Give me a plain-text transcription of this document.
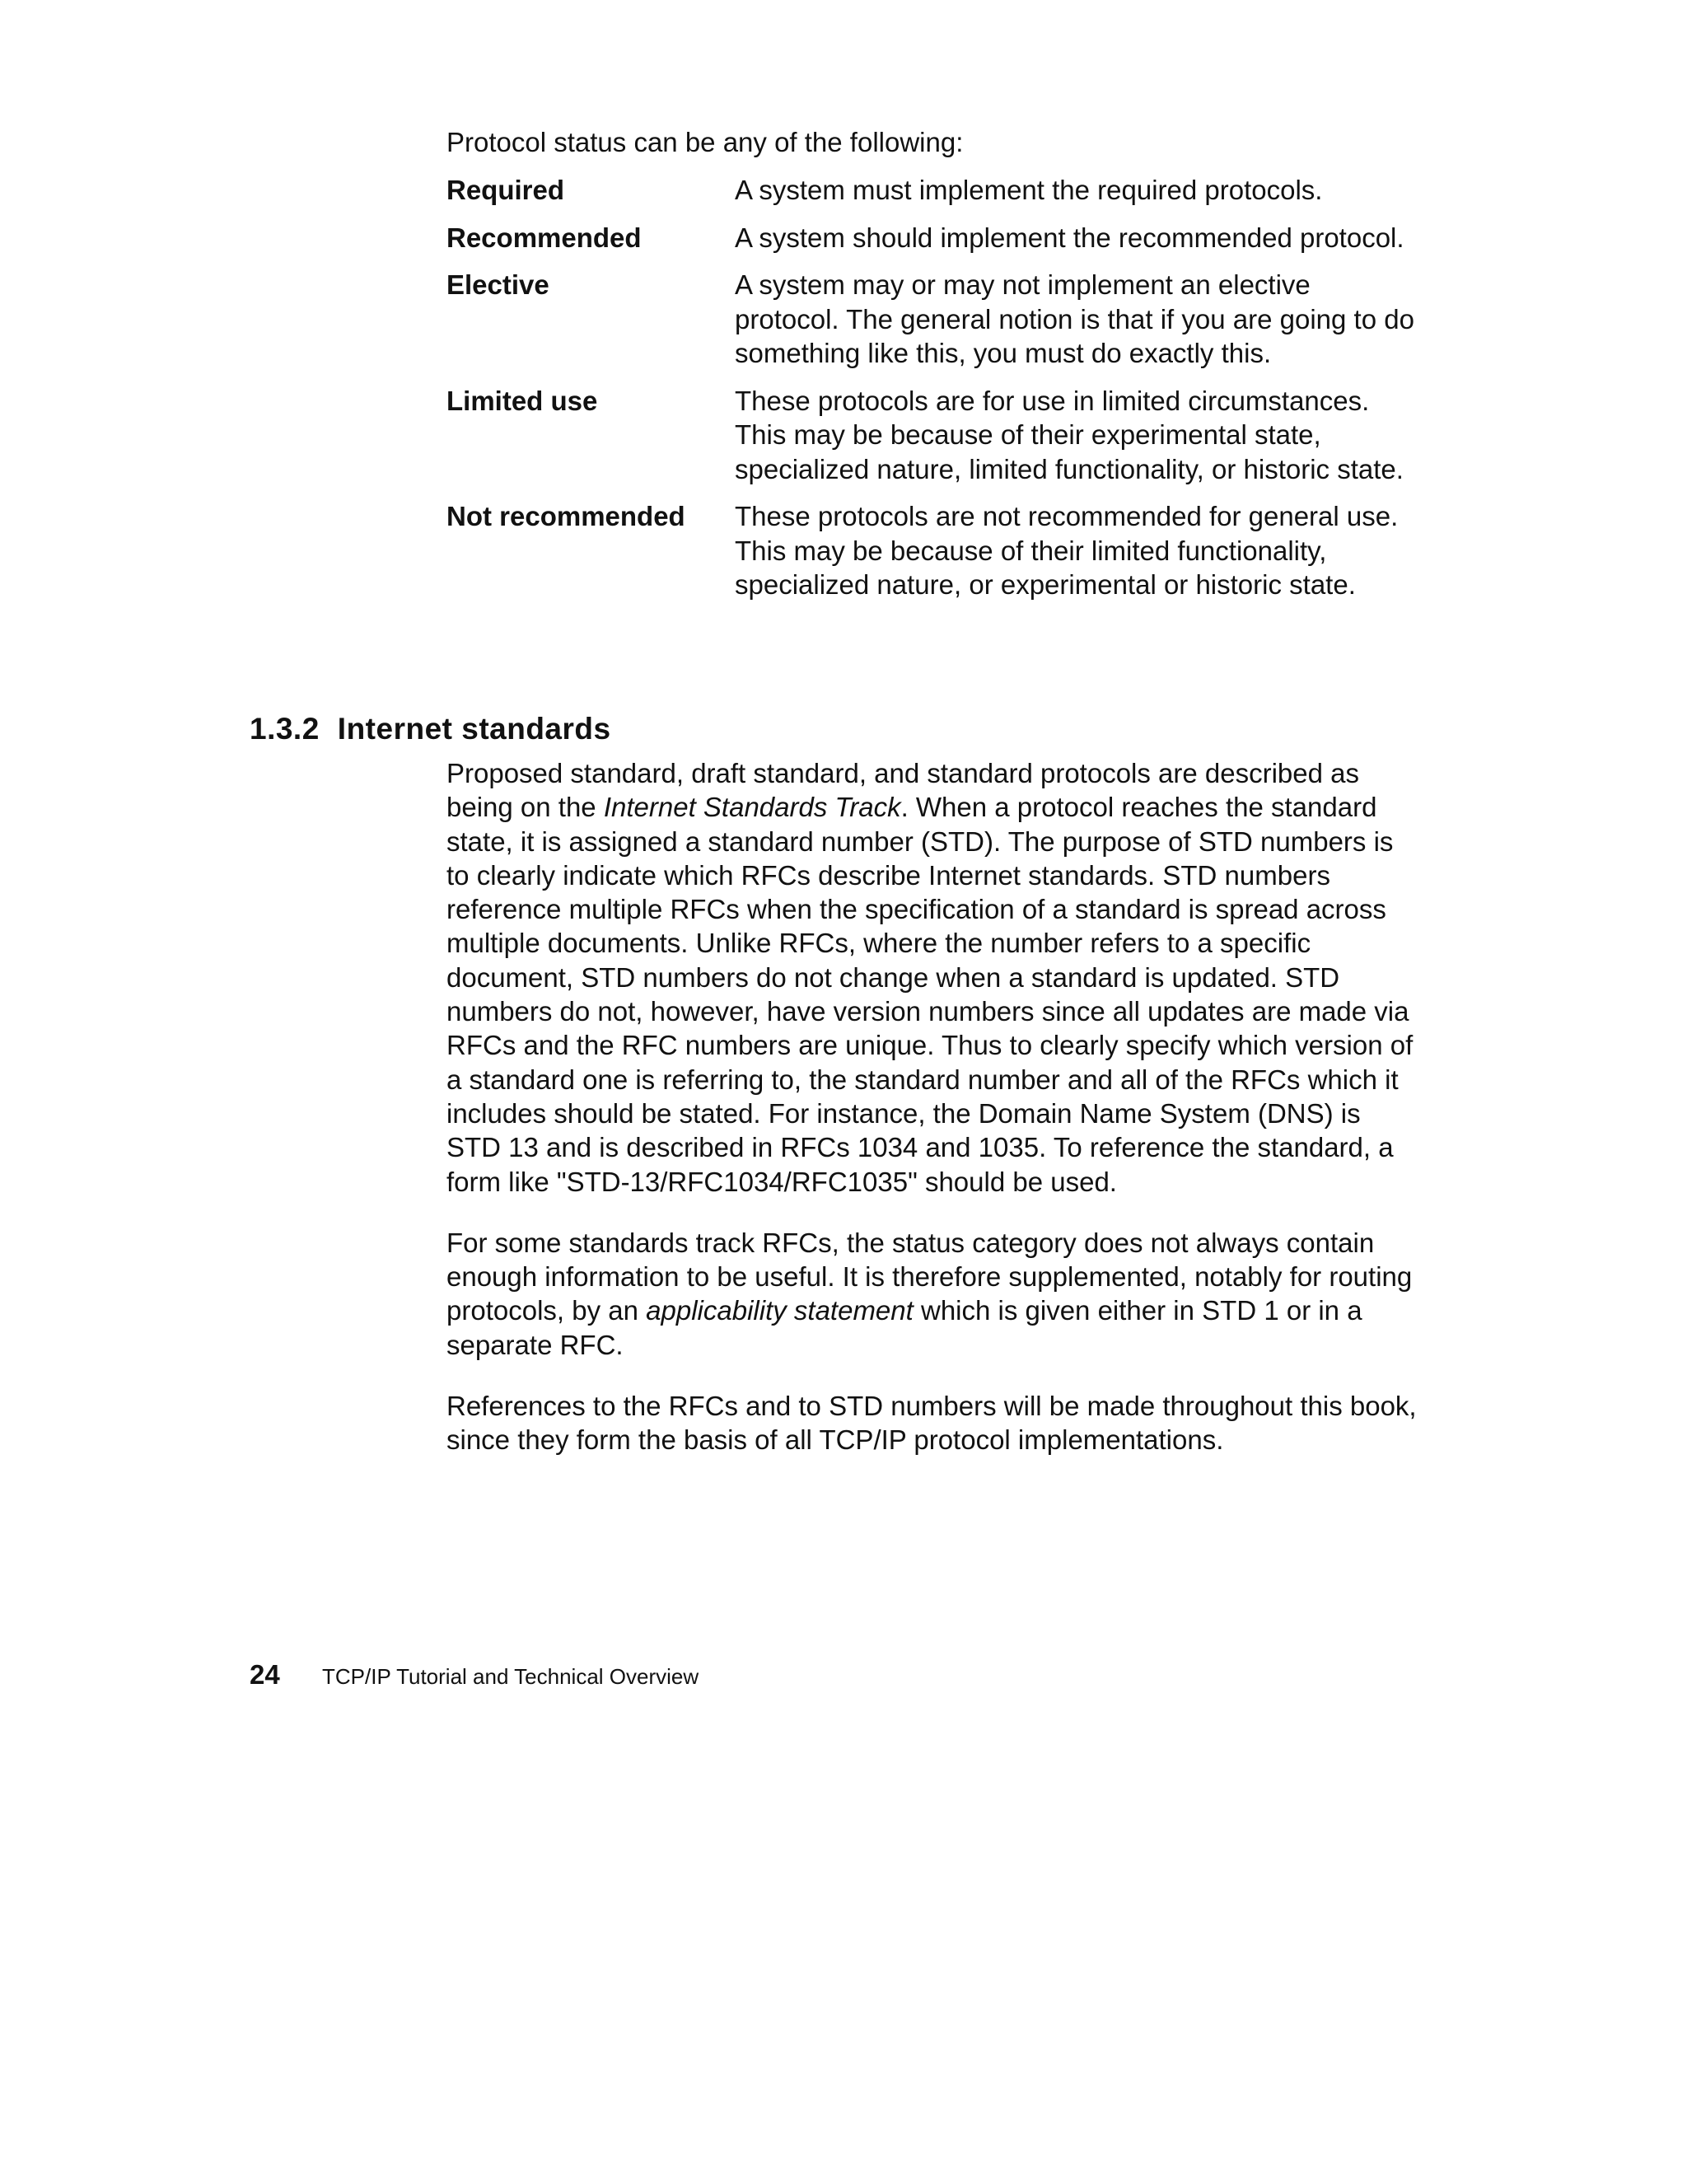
Protocol status can be any of the following:

Required	A system must implement the required protocols.
Recommended	A system should implement the recommended protocol.
Elective	A system may or may not implement an elective protocol. The general notion is that if you are going to do something like this, you must do exactly this.
Limited use	These protocols are for use in limited circumstances. This may be because of their experimental state, specialized nature, limited functionality, or historic state.
Not recommended	These protocols are not recommended for general use. This may be because of their limited functionality, specialized nature, or experimental or historic state.
1.3.2 Internet standards

Proposed standard, draft standard, and standard protocols are described as being on the Internet Standards Track. When a protocol reaches the standard state, it is assigned a standard number (STD). The purpose of STD numbers is to clearly indicate which RFCs describe Internet standards. STD numbers reference multiple RFCs when the specification of a standard is spread across multiple documents. Unlike RFCs, where the number refers to a specific document, STD numbers do not change when a standard is updated. STD numbers do not, however, have version numbers since all updates are made via RFCs and the RFC numbers are unique. Thus to clearly specify which version of a standard one is referring to, the standard number and all of the RFCs which it includes should be stated. For instance, the Domain Name System (DNS) is STD 13 and is described in RFCs 1034 and 1035. To reference the standard, a form like "STD-13/RFC1034/RFC1035" should be used.

For some standards track RFCs, the status category does not always contain enough information to be useful. It is therefore supplemented, notably for routing protocols, by an applicability statement which is given either in STD 1 or in a separate RFC.

References to the RFCs and to STD numbers will be made throughout this book, since they form the basis of all TCP/IP protocol implementations.

24	TCP/IP Tutorial and Technical Overview
